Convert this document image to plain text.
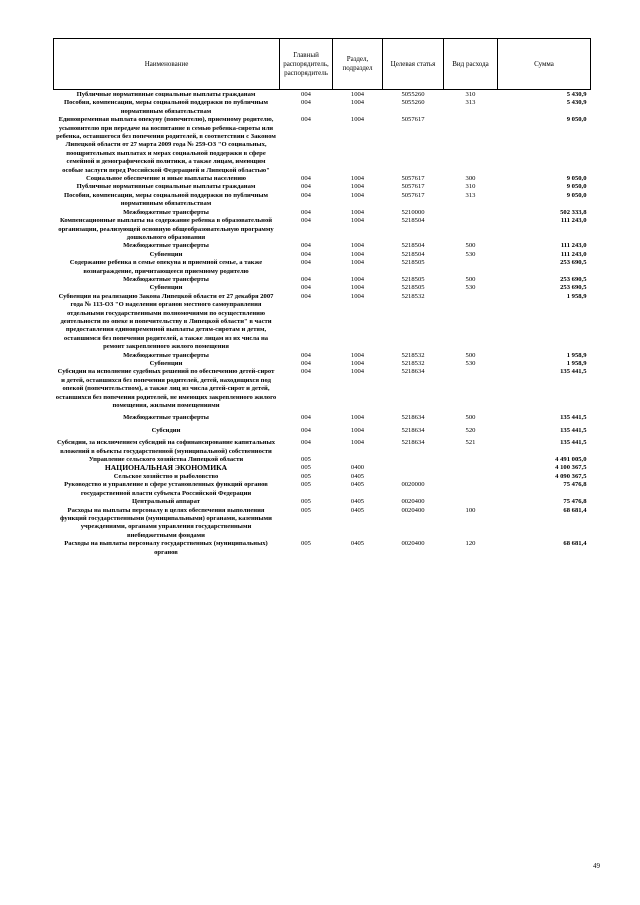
Наименование	Главный распорядитель, распорядитель	Раздел, подраздел	Целевая статья	Вид расхода	Сумма
Публичные нормативные социальные выплаты гражданам	004	1004	5055260	310	5 430,9
Пособия, компенсации, меры социальной поддержки по публичным нормативным обязательствам	004	1004	5055260	313	5 430,9
Единовременная выплата опекуну (попечителю), приемному родителю, усыновителю при передаче на воспитание в семью ребенка-сироты или ребенка, оставшегося без попечения родителей, в соответствии с Законом Липецкой области от 27 марта 2009 года № 259-ОЗ "О социальных, поощрительных выплатах и мерах социальной поддержки в сфере семейной и демографической политики, а также лицам, имеющим особые заслуги перед Российской Федерацией и Липецкой областью"	004	1004	5057617		9 050,0
Социальное обеспечение и иные выплаты населению	004	1004	5057617	300	9 050,0
Публичные нормативные социальные выплаты гражданам	004	1004	5057617	310	9 050,0
Пособия, компенсации, меры социальной поддержки по публичным нормативным обязательствам	004	1004	5057617	313	9 050,0
Межбюджетные трансферты	004	1004	5210000		502 333,8
Компенсационные выплаты на содержание ребенка в образовательной организации, реализующей основную общеобразовательную программу дошкольного образования	004	1004	5218504		111 243,0
Межбюджетные трансферты	004	1004	5218504	500	111 243,0
Субвенции	004	1004	5218504	530	111 243,0
Содержание ребенка в семье опекуна и приемной семье, а также вознаграждение, причитающееся приемному родителю	004	1004	5218505		253 690,5
Межбюджетные трансферты	004	1004	5218505	500	253 690,5
Субвенции	004	1004	5218505	530	253 690,5
Субвенция на реализацию Закона Липецкой области от 27 декабря 2007 года № 113-ОЗ "О наделении органов местного самоуправления отдельными государственными полномочиями по осуществлению деятельности по опеке и попечительству в Липецкой области" в части предоставления единовременной выплаты детям-сиротам и детям, оставшимся без попечения родителей, а также лицам из их числа на ремонт закрепленного жилого помещения	004	1004	5218532		1 958,9
Межбюджетные трансферты	004	1004	5218532	500	1 958,9
Субвенции	004	1004	5218532	530	1 958,9
Субсидии на исполнение судебных решений по обеспечению детей-сирот и детей, оставшихся без попечения родителей, детей, находящихся под опекой (попечительством), а также лиц из числа детей-сирот и детей, оставшихся без попечения родителей, не имеющих закрепленного жилого помещения, жилыми помещениями	004	1004	5218634		135 441,5
Межбюджетные трансферты	004	1004	5218634	500	135 441,5
Субсидии	004	1004	5218634	520	135 441,5
Субсидии, за исключением субсидий на софинансирование капитальных вложений в объекты государственной (муниципальной) собственности	004	1004	5218634	521	135 441,5
Управление сельского хозяйства Липецкой области	005				4 491 005,0
НАЦИОНАЛЬНАЯ ЭКОНОМИКА	005	0400			4 100 367,5
Сельское хозяйство и рыболовство	005	0405			4 090 367,5
Руководство и управление в сфере установленных функций органов государственной власти субъекта Российской Федерации	005	0405	0020000		75 476,8
Центральный аппарат	005	0405	0020400		75 476,8
Расходы на выплаты персоналу в целях обеспечения выполнения функций государственными (муниципальными) органами, казенными учреждениями, органами управления государственными внебюджетными фондами	005	0405	0020400	100	68 681,4
Расходы на выплаты персоналу государственных (муниципальных) органов	005	0405	0020400	120	68 681,4
49
